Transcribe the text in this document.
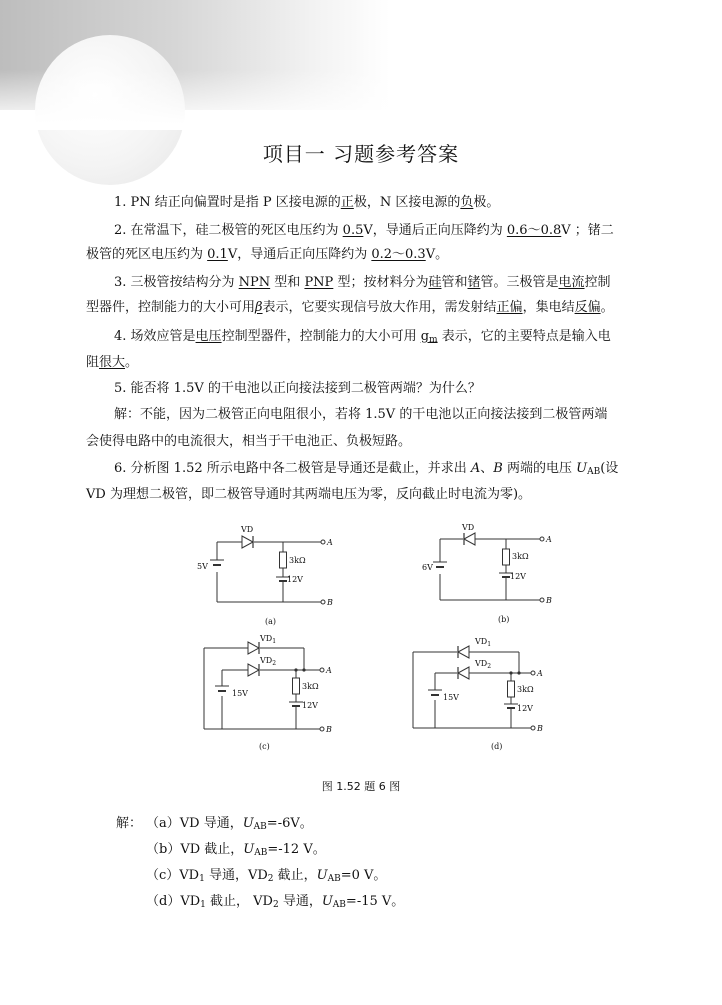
项目一 习题参考答案
1. PN 结正向偏置时是指 P 区接电源的正极，N 区接电源的负极。
2. 在常温下，硅二极管的死区电压约为 0.5V，导通后正向压降约为 0.6～0.8V ；锗二
极管的死区电压约为 0.1V，导通后正向压降约为 0.2～0.3V。
3. 三极管按结构分为 NPN 型和 PNP 型；按材料分为硅管和锗管。三极管是电流控制
型器件，控制能力的大小可用β表示，它要实现信号放大作用，需发射结正偏，集电结反偏。
4. 场效应管是电压控制型器件，控制能力的大小可用 $g_m$ 表示，它的主要特点是输入电
阻很大。
5. 能否将 1.5V 的干电池以正向接法接到二极管两端？为什么？
解：不能，因为二极管正向电阻很小，若将 1.5V 的干电池以正向接法接到二极管两端
会使得电路中的电流很大，相当于干电池正、负极短路。
6. 分析图 1.52 所示电路中各二极管是导通还是截止，并求出 A、B 两端的电压 $U_{AB}$(设
VD 为理想二极管，即二极管导通时其两端电压为零，反向截止时电流为零)。
VD
5V
3kΩ
12V
A
B
(a)
VD
6V
3kΩ
12V
A
B
(b)
$VD_1$
$VD_2$
15V
3kΩ
12V
A
B
(c)
$VD_1$
$VD_2$
15V
3kΩ
12V
A
B
(d)
图 1.52 题 6 图
解： （a）VD 导通，$U_{AB}=-6V$。
（b）VD 截止，$U_{AB}=-12$ V。
$(c)VD_1$ 导通，$VD_2$ 截止，$U_{AB}=0$ V。
$(d)VD_1$ 截止， $VD_2$ 导通，$U_{AB}=-15$ V。
